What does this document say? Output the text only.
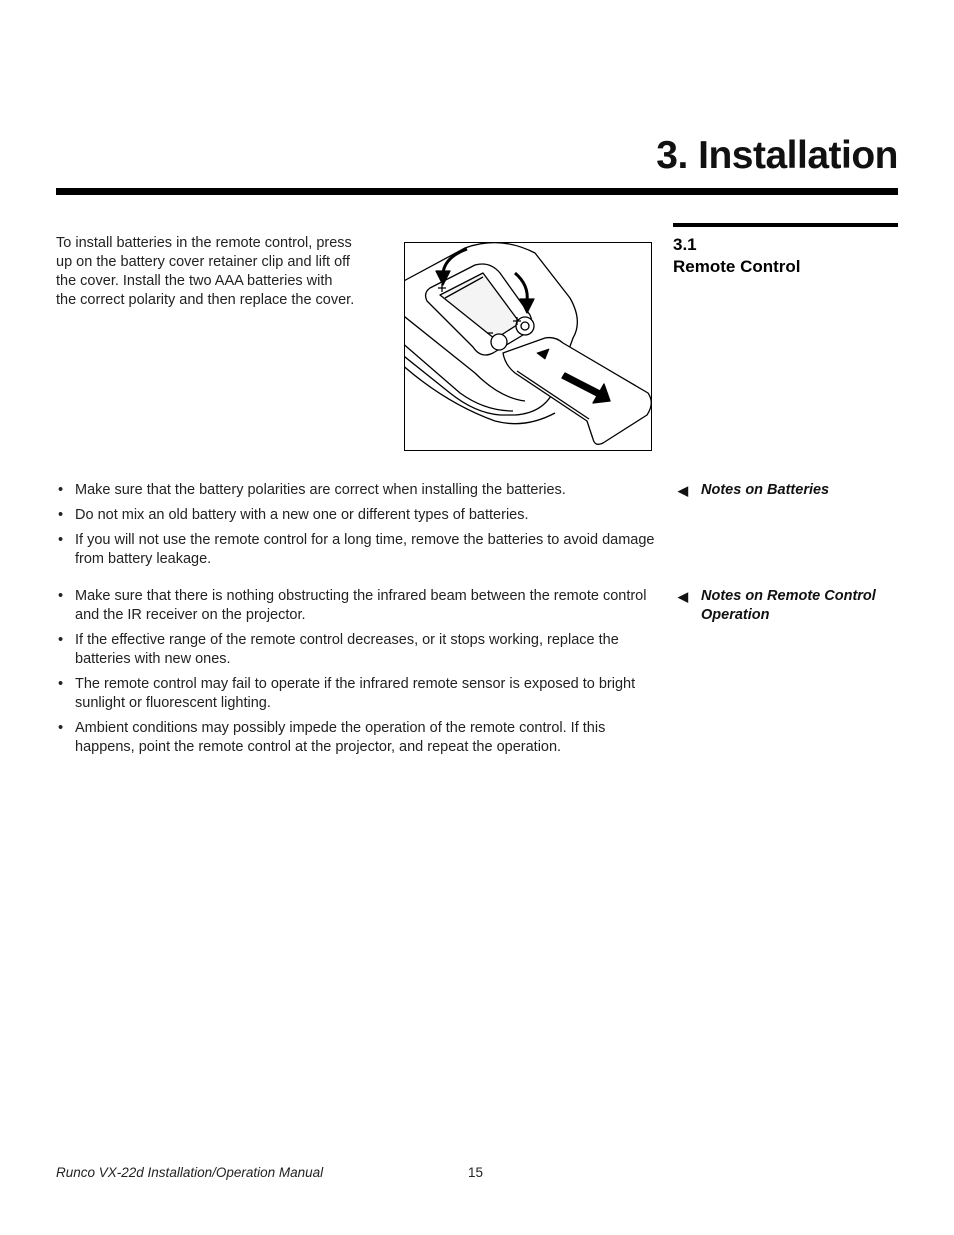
3. Installation
3.1
Remote Control

To install batteries in the remote control, press up on the battery cover retainer clip and lift off the cover. Install the two AAA batteries with the correct polarity and then replace the cover.

• Make sure that the battery polarities are correct when installing the batteries.
• Do not mix an old battery with a new one or different types of batteries.
• If you will not use the remote control for a long time, remove the batteries to avoid damage from battery leakage.
◀ Notes on Batteries
• Make sure that there is nothing obstructing the infrared beam between the remote control and the IR receiver on the projector.
• If the effective range of the remote control decreases, or it stops working, replace the batteries with new ones.
• The remote control may fail to operate if the infrared remote sensor is exposed to bright sunlight or fluorescent lighting.
• Ambient conditions may possibly impede the operation of the remote control. If this happens, point the remote control at the projector, and repeat the operation.
◀ Notes on Remote Control Operation
Runco VX-22d Installation/Operation Manual	15
